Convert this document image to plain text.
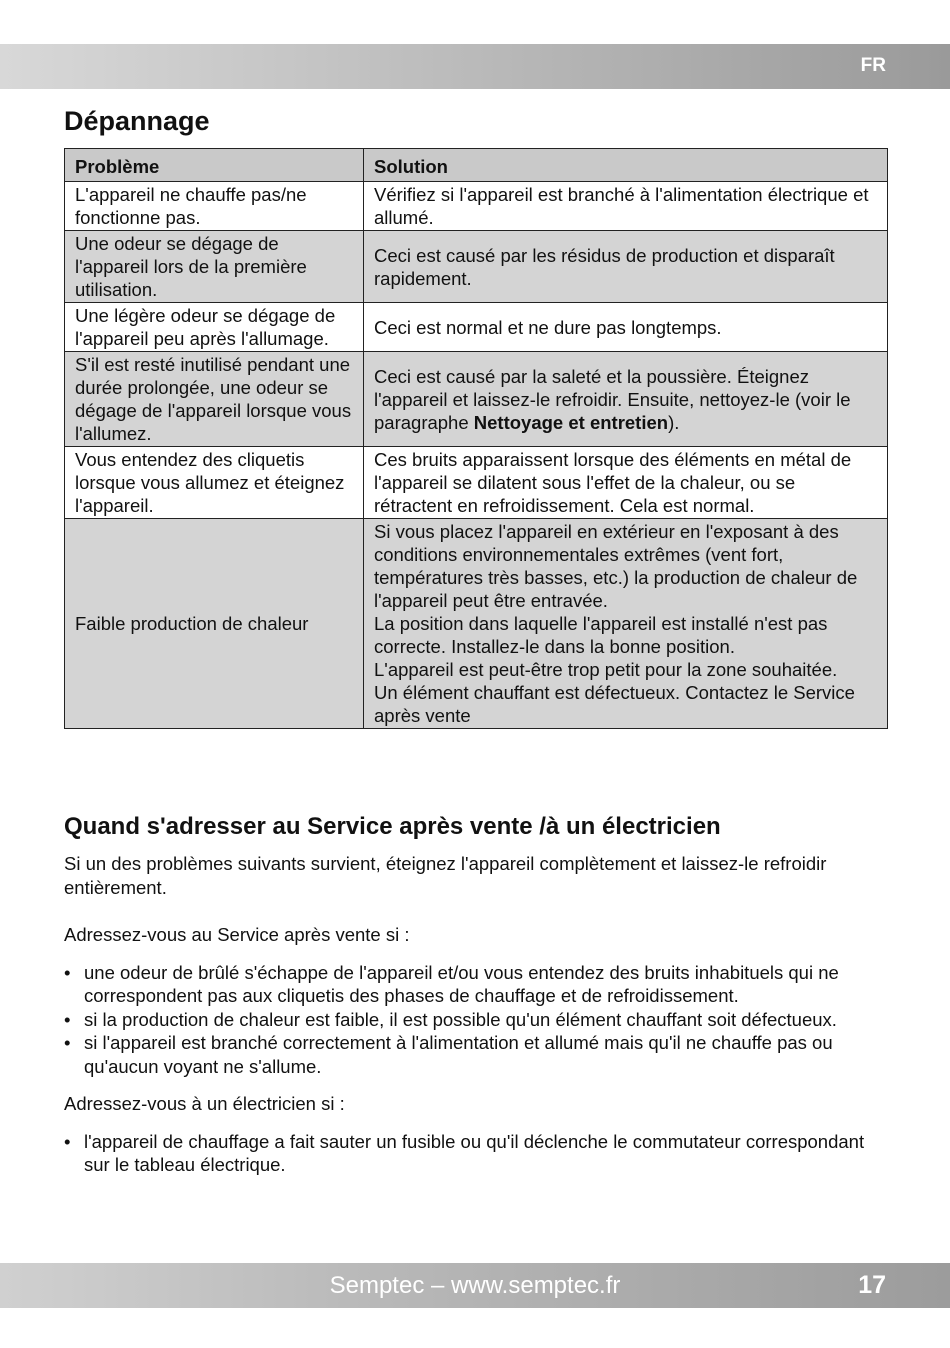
FR
Dépannage
Problème	Solution
L'appareil ne chauffe pas/ne fonctionne pas.	Vérifiez si l'appareil est branché à l'alimentation électrique et allumé.
Une odeur se dégage de l'appareil lors de la première utilisation.	Ceci est causé par les résidus de production et disparaît rapidement.
Une légère odeur se dégage de l'appareil peu après l'allumage.	Ceci est normal et ne dure pas longtemps.
S'il est resté inutilisé pendant une durée prolongée, une odeur se dégage de l'appareil lorsque vous l'allumez.	Ceci est causé par la saleté et la poussière. Éteignez l'appareil et laissez-le refroidir. Ensuite, nettoyez-le (voir le paragraphe Nettoyage et entretien).
Vous entendez des cliquetis lorsque vous allumez et éteignez l'appareil.	Ces bruits apparaissent lorsque des éléments en métal de l'appareil se dilatent sous l'effet de la chaleur, ou se rétractent en refroidissement. Cela est normal.
Faible production de chaleur	Si vous placez l'appareil en extérieur en l'exposant à des conditions environnementales extrêmes (vent fort, températures très basses, etc.) la production de chaleur de l'appareil peut être entravée.
La position dans laquelle l'appareil est installé n'est pas correcte. Installez-le dans la bonne position.
L'appareil est peut-être trop petit pour la zone souhaitée.
Un élément chauffant est défectueux. Contactez le Service après vente
Quand s'adresser au Service après vente /à un électricien

Si un des problèmes suivants survient, éteignez l'appareil complètement et laissez-le refroidir entièrement.

Adressez-vous au Service après vente si :

• une odeur de brûlé s'échappe de l'appareil et/ou vous entendez des bruits inhabituels qui ne correspondent pas aux cliquetis des phases de chauffage et de refroidissement.
• si la production de chaleur est faible, il est possible qu'un élément chauffant soit défectueux.
• si l'appareil est branché correctement à l'alimentation et allumé mais qu'il ne chauffe pas ou qu'aucun voyant ne s'allume.

Adressez-vous à un électricien si :

• l'appareil de chauffage a fait sauter un fusible ou qu'il déclenche le commutateur correspondant sur le tableau électrique.
Semptec – www.semptec.fr	17
